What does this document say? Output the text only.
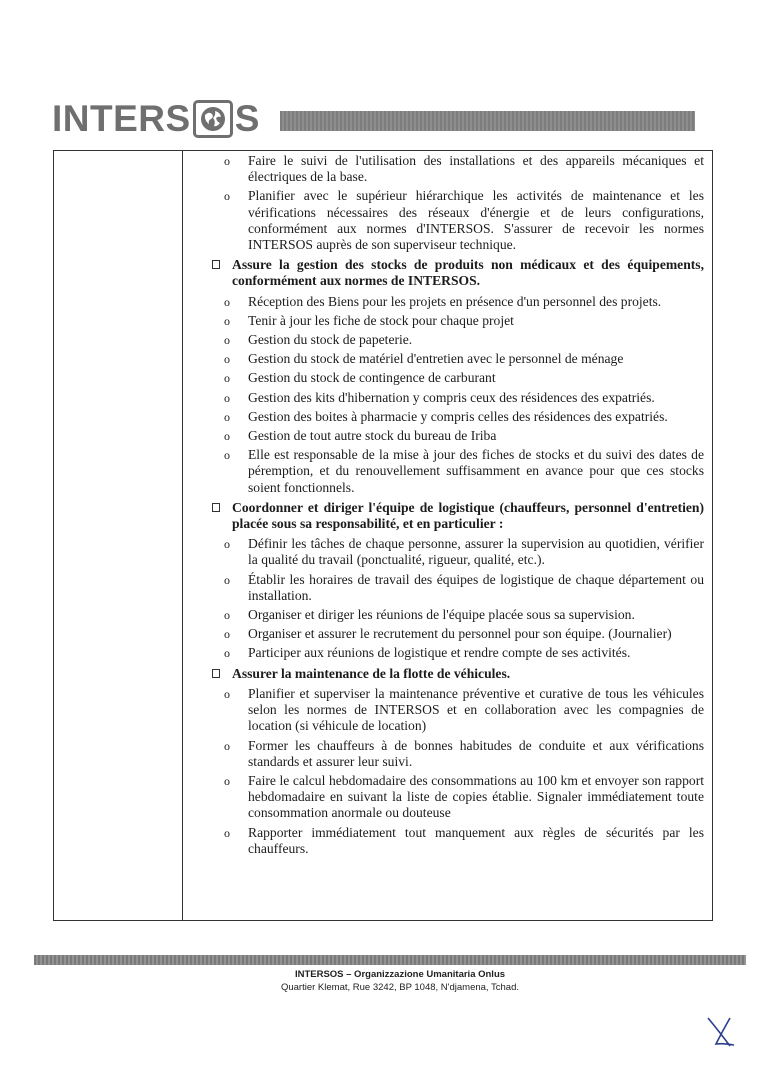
INTERS S
o Faire le suivi de l'utilisation des installations et des appareils mécaniques et électriques de la base.
o Planifier avec le supérieur hiérarchique les activités de maintenance et les vérifications nécessaires des réseaux d'énergie et de leurs configurations, conformément aux normes d'INTERSOS. S'assurer de recevoir les normes INTERSOS auprès de son superviseur technique.
Assure la gestion des stocks de produits non médicaux et des équipements, conformément aux normes de INTERSOS.
o Réception des Biens pour les projets en présence d'un personnel des projets.
o Tenir à jour les fiche de stock pour chaque projet
o Gestion du stock de papeterie.
o Gestion du stock de matériel d'entretien avec le personnel de ménage
o Gestion du stock de contingence de carburant
o Gestion des kits d'hibernation y compris ceux des résidences des expatriés.
o Gestion des boites à pharmacie y compris celles des résidences des expatriés.
o Gestion de tout autre stock du bureau de Iriba
o Elle est responsable de la mise à jour des fiches de stocks et du suivi des dates de péremption, et du renouvellement suffisamment en avance pour que ces stocks soient fonctionnels.
Coordonner et diriger l'équipe de logistique (chauffeurs, personnel d'entretien) placée sous sa responsabilité, et en particulier :
o Définir les tâches de chaque personne, assurer la supervision au quotidien, vérifier la qualité du travail (ponctualité, rigueur, qualité, etc.).
o Établir les horaires de travail des équipes de logistique de chaque département ou installation.
o Organiser et diriger les réunions de l'équipe placée sous sa supervision.
o Organiser et assurer le recrutement du personnel pour son équipe. (Journalier)
o Participer aux réunions de logistique et rendre compte de ses activités.
Assurer la maintenance de la flotte de véhicules.
o Planifier et superviser la maintenance préventive et curative de tous les véhicules selon les normes de INTERSOS et en collaboration avec les compagnies de location (si véhicule de location)
o Former les chauffeurs à de bonnes habitudes de conduite et aux vérifications standards et assurer leur suivi.
o Faire le calcul hebdomadaire des consommations au 100 km et envoyer son rapport hebdomadaire en suivant la liste de copies établie. Signaler immédiatement toute consommation anormale ou douteuse
o Rapporter immédiatement tout manquement aux règles de sécurités par les chauffeurs.
INTERSOS – Organizzazione Umanitaria Onlus
Quartier Klemat, Rue 3242, BP 1048, N'djamena, Tchad.
